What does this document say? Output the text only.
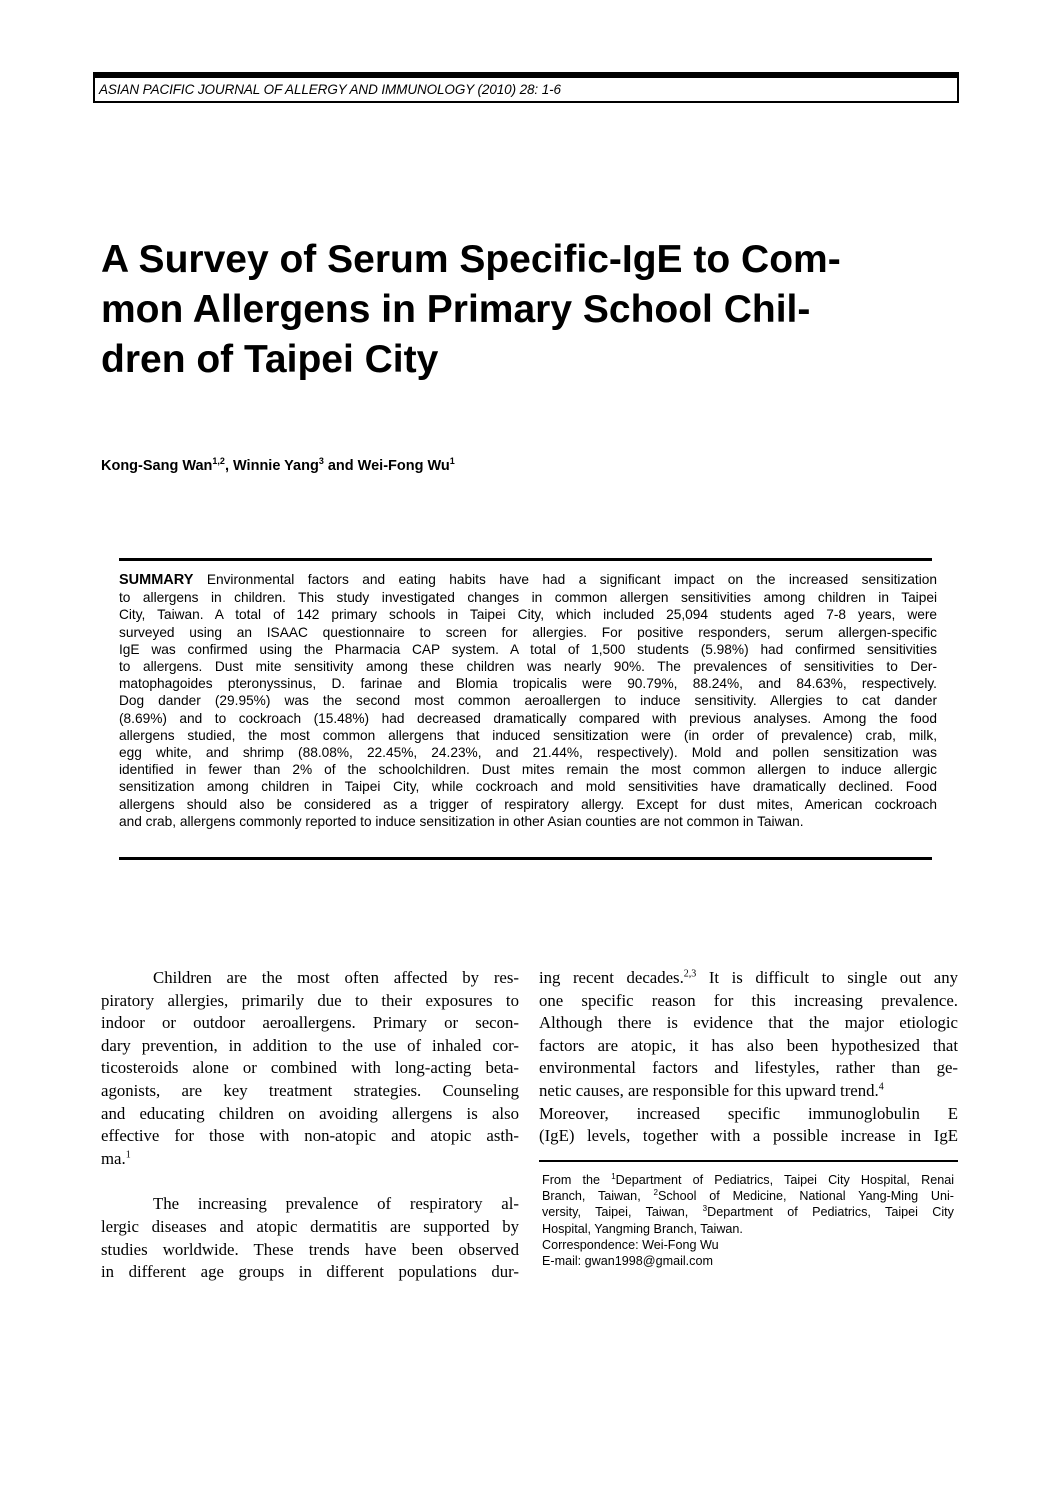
ASIAN PACIFIC JOURNAL OF ALLERGY AND IMMUNOLOGY (2010) 28: 1-6
A Survey of Serum Specific-IgE to Com-
mon Allergens in Primary School Chil-
dren of Taipei City
Kong-Sang Wan$^{1,2}$, Winnie Yang$^3$ and Wei-Fong Wu$^1$
SUMMARY Environmental factors and eating habits have had a significant impact on the increased sensitization
to allergens in children. This study investigated changes in common allergen sensitivities among children in Taipei
City, Taiwan. A total of 142 primary schools in Taipei City, which included 25,094 students aged 7-8 years, were
surveyed using an ISAAC questionnaire to screen for allergies. For positive responders, serum allergen-specific
IgE was confirmed using the Pharmacia CAP system. A total of 1,500 students (5.98%) had confirmed sensitivities
to allergens. Dust mite sensitivity among these children was nearly 90%. The prevalences of sensitivities to Der-
matophagoides pteronyssinus, D. farinae and Blomia tropicalis were 90.79%, 88.24%, and 84.63%, respectively.
Dog dander (29.95%) was the second most common aeroallergen to induce sensitivity. Allergies to cat dander
(8.69%) and to cockroach (15.48%) had decreased dramatically compared with previous analyses. Among the food
allergens studied, the most common allergens that induced sensitization were (in order of prevalence) crab, milk,
egg white, and shrimp (88.08%, 22.45%, 24.23%, and 21.44%, respectively). Mold and pollen sensitization was
identified in fewer than 2% of the schoolchildren. Dust mites remain the most common allergen to induce allergic
sensitization among children in Taipei City, while cockroach and mold sensitivities have dramatically declined. Food
allergens should also be considered as a trigger of respiratory allergy. Except for dust mites, American cockroach
and crab, allergens commonly reported to induce sensitization in other Asian counties are not common in Taiwan.
Children are the most often affected by res-
piratory allergies, primarily due to their exposures to
indoor or outdoor aeroallergens. Primary or secon-
dary prevention, in addition to the use of inhaled cor-
ticosteroids alone or combined with long-acting beta-
agonists, are key treatment strategies. Counseling
and educating children on avoiding allergens is also
effective for those with non-atopic and atopic asth-
ma.$^1$
The increasing prevalence of respiratory al-
lergic diseases and atopic dermatitis are supported by
studies worldwide. These trends have been observed
in different age groups in different populations dur-
ing recent decades.$^{2,3}$ It is difficult to single out any
one specific reason for this increasing prevalence.
Although there is evidence that the major etiologic
factors are atopic, it has also been hypothesized that
environmental factors and lifestyles, rather than ge-
netic causes, are responsible for this upward trend.$^4$
Moreover, increased specific immunoglobulin E
(IgE) levels, together with a possible increase in IgE
From the $^1$Department of Pediatrics, Taipei City Hospital, Renai
Branch, Taiwan, $^2$School of Medicine, National Yang-Ming Uni-
versity, Taipei, Taiwan, $^3$Department of Pediatrics, Taipei City
Hospital, Yangming Branch, Taiwan.
Correspondence: Wei-Fong Wu
E-mail: gwan1998@gmail.com
